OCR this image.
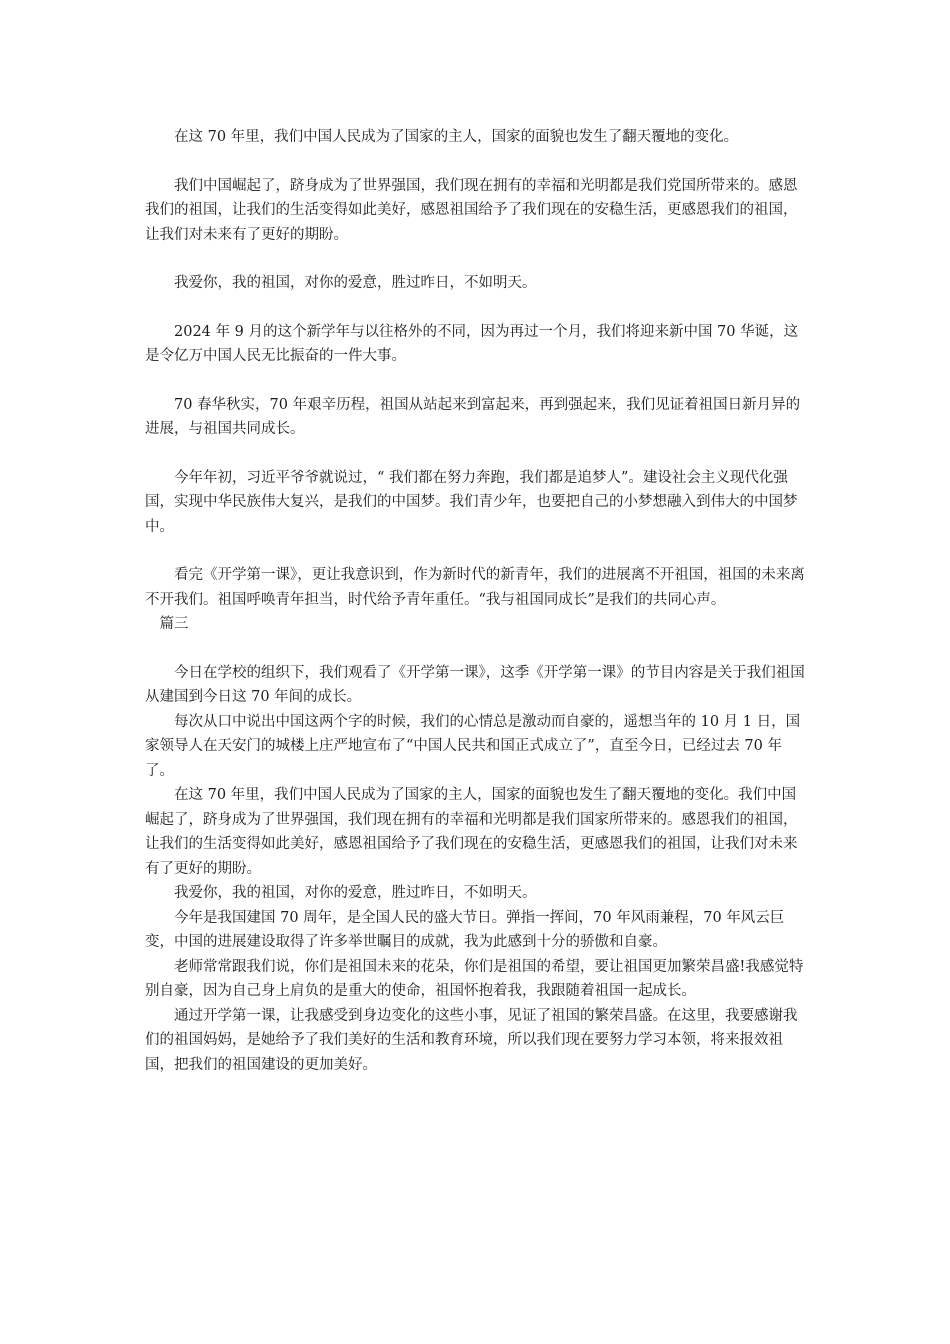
在这 70 年里，我们中国人民成为了国家的主人，国家的面貌也发生了翻天覆地的变化。

我们中国崛起了，跻身成为了世界强国，我们现在拥有的幸福和光明都是我们党国所带来的。感恩我们的祖国，让我们的生活变得如此美好，感恩祖国给予了我们现在的安稳生活，更感恩我们的祖国，让我们对未来有了更好的期盼。

我爱你，我的祖国，对你的爱意，胜过昨日，不如明天。

2024 年 9 月的这个新学年与以往格外的不同，因为再过一个月，我们将迎来新中国 70 华诞，这是令亿万中国人民无比振奋的一件大事。

70 春华秋实，70 年艰辛历程，祖国从站起来到富起来，再到强起来，我们见证着祖国日新月异的进展，与祖国共同成长。

今年年初，习近平爷爷就说过，“ 我们都在努力奔跑，我们都是追梦人”。建设社会主义现代化强国，实现中华民族伟大复兴，是我们的中国梦。我们青少年，也要把自己的小梦想融入到伟大的中国梦中。

看完《开学第一课》，更让我意识到，作为新时代的新青年，我们的进展离不开祖国，祖国的未来离不开我们。祖国呼唤青年担当，时代给予青年重任。“我与祖国同成长”是我们的共同心声。

篇三

今日在学校的组织下，我们观看了《开学第一课》，这季《开学第一课》的节目内容是关于我们祖国从建国到今日这 70 年间的成长。

每次从口中说出中国这两个字的时候，我们的心情总是激动而自豪的，遥想当年的 10 月 1 日，国家领导人在天安门的城楼上庄严地宣布了“中国人民共和国正式成立了”，直至今日，已经过去 70 年了。

在这 70 年里，我们中国人民成为了国家的主人，国家的面貌也发生了翻天覆地的变化。我们中国崛起了，跻身成为了世界强国，我们现在拥有的幸福和光明都是我们国家所带来的。感恩我们的祖国，让我们的生活变得如此美好，感恩祖国给予了我们现在的安稳生活，更感恩我们的祖国，让我们对未来有了更好的期盼。

我爱你，我的祖国，对你的爱意，胜过昨日，不如明天。

今年是我国建国 70 周年，是全国人民的盛大节日。弹指一挥间，70 年风雨兼程，70 年风云巨变，中国的进展建设取得了许多举世瞩目的成就，我为此感到十分的骄傲和自豪。

老师常常跟我们说，你们是祖国未来的花朵，你们是祖国的希望，要让祖国更加繁荣昌盛!我感觉特别自豪，因为自己身上肩负的是重大的使命，祖国怀抱着我，我跟随着祖国一起成长。

通过开学第一课，让我感受到身边变化的这些小事，见证了祖国的繁荣昌盛。在这里，我要感谢我们的祖国妈妈，是她给予了我们美好的生活和教育环境，所以我们现在要努力学习本领，将来报效祖国，把我们的祖国建设的更加美好。
